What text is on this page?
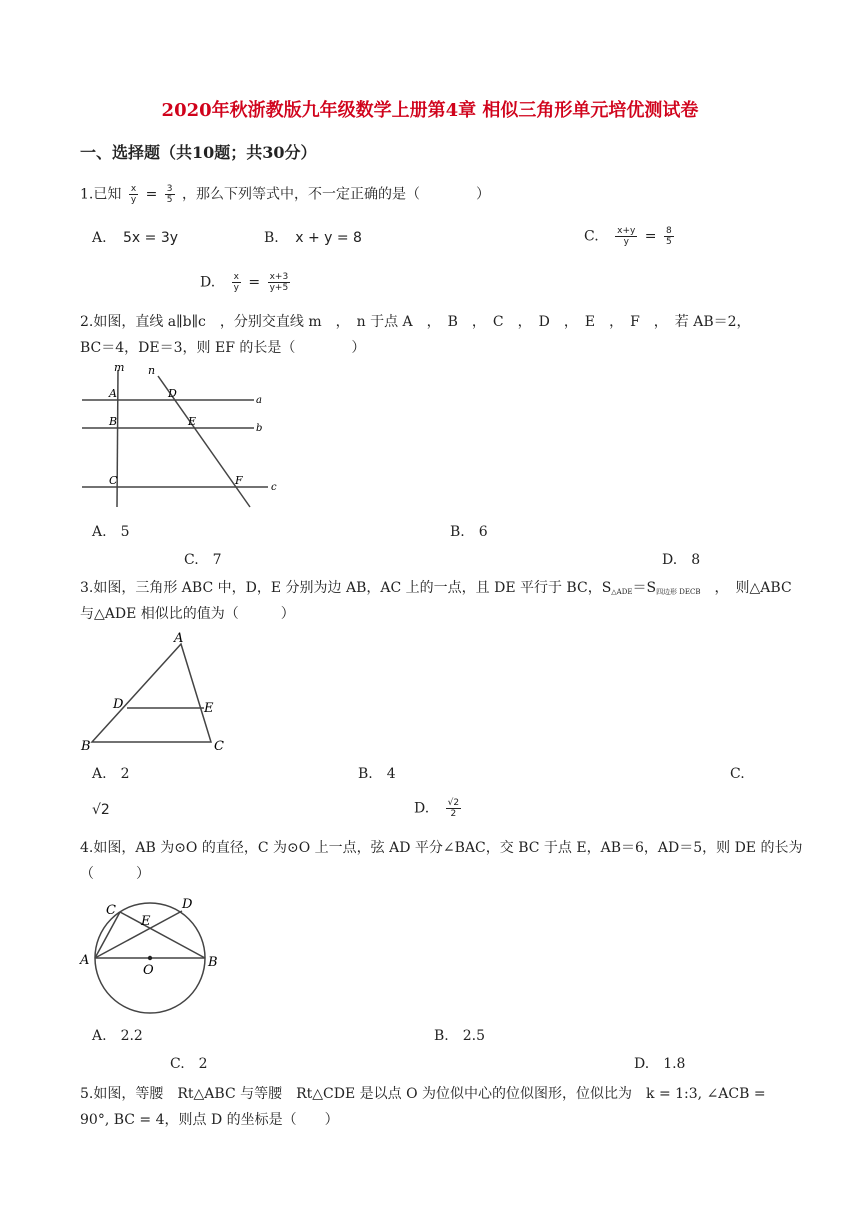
2020年秋浙教版九年级数学上册第4章 相似三角形单元培优测试卷
一、选择题（共10题；共30分）
1.已知 $\frac{x}{y} = \frac{3}{5}$ ，那么下列等式中，不一定正确的是（　　　　）
A. 5x = 3y	B. x + y = 8	C. $\frac{x+y}{y} = \frac{8}{5}$
D. $\frac{x}{y} = \frac{x+3}{y+5}$
2.如图，直线 a∥b∥c　，分别交直线 m　，　n 于点 A　，　B　，　C　，　D　，　E　，　F　，　若 AB＝2，
BC＝4，DE＝3，则 EF 的长是（　　　　）
m n
A	D
B	E
C	F
a
b
c
A. 5	B. 6
C. 7	D. 8
3.如图，三角形 ABC 中，D，E 分别为边 AB，AC 上的一点，且 DE 平行于 BC，$S_{\triangle ADE}=S_{四边形 DECB}$　，　则△ABC
与△ADE 相似比的值为（　　　）
A
B	C
D	E
A. 2	B. 4	C.
√2	D. $\frac{√2}{2}$
4.如图，AB 为⊙O 的直径，C 为⊙O 上一点，弦 AD 平分∠BAC，交 BC 于点 E，AB＝6，AD＝5，则 DE 的长为
（　　　）
A	B
C	D
E
O
A. 2.2	B. 2.5
C. 2	D. 1.8
5.如图，等腰　Rt△ABC 与等腰　Rt△CDE 是以点 O 为位似中心的位似图形，位似比为　k = 1:3, ∠ACB =
90°, BC = 4，则点 D 的坐标是（　　）
